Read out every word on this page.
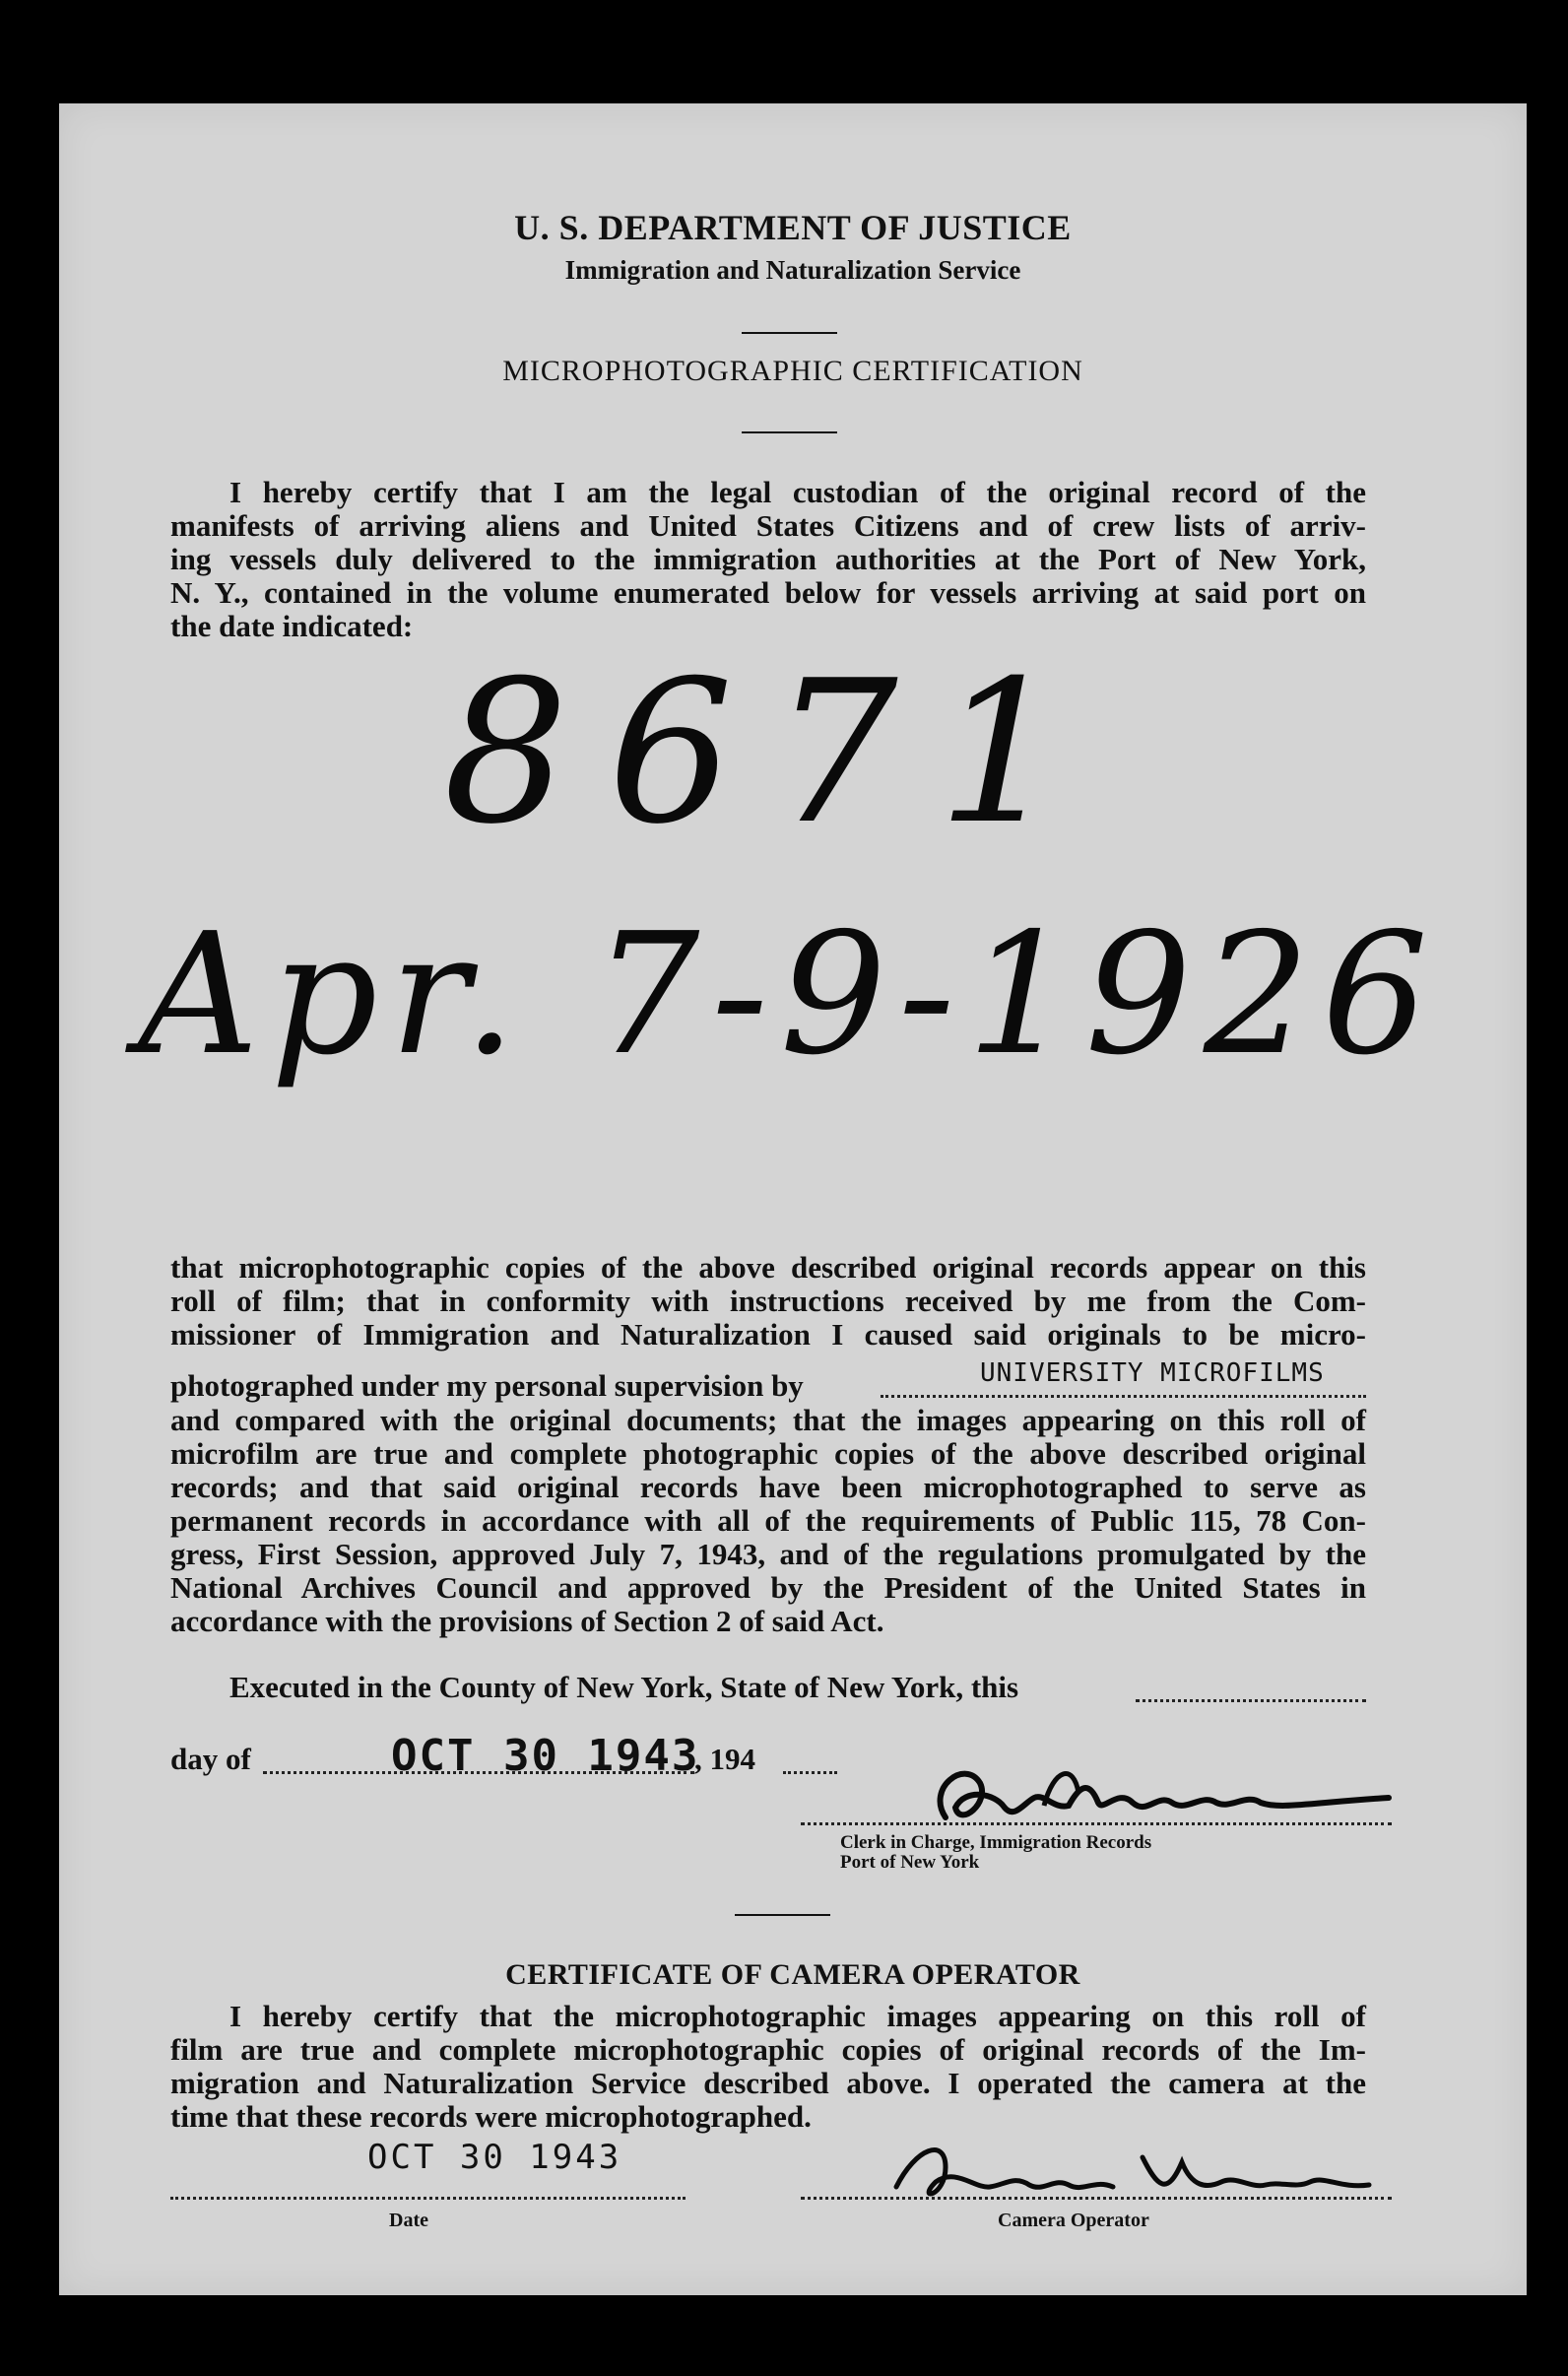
U. S. DEPARTMENT OF JUSTICE
Immigration and Naturalization Service
MICROPHOTOGRAPHIC CERTIFICATION
I hereby certify that I am the legal custodian of the original record of the
manifests of arriving aliens and United States Citizens and of crew lists of arriv-
ing vessels duly delivered to the immigration authorities at the Port of New York,
N. Y., contained in the volume enumerated below for vessels arriving at said port on
the date indicated:
8671
Apr. 7-9-1926
that microphotographic copies of the above described original records appear on this
roll of film; that in conformity with instructions received by me from the Com-
missioner of Immigration and Naturalization I caused said originals to be micro-
photographed under my personal supervision by	UNIVERSITY MICROFILMS
and compared with the original documents; that the images appearing on this roll of
microfilm are true and complete photographic copies of the above described original
records; and that said original records have been microphotographed to serve as
permanent records in accordance with all of the requirements of Public 115, 78 Con-
gress, First Session, approved July 7, 1943, and of the regulations promulgated by the
National Archives Council and approved by the President of the United States in
accordance with the provisions of Section 2 of said Act.
Executed in the County of New York, State of New York, this
day of	OCT 30 1943
, 194
Clerk in Charge, Immigration Records
Port of New York
CERTIFICATE OF CAMERA OPERATOR
I hereby certify that the microphotographic images appearing on this roll of
film are true and complete microphotographic copies of original records of the Im-
migration and Naturalization Service described above. I operated the camera at the
time that these records were microphotographed.
OCT 30 1943
Date	Camera Operator
